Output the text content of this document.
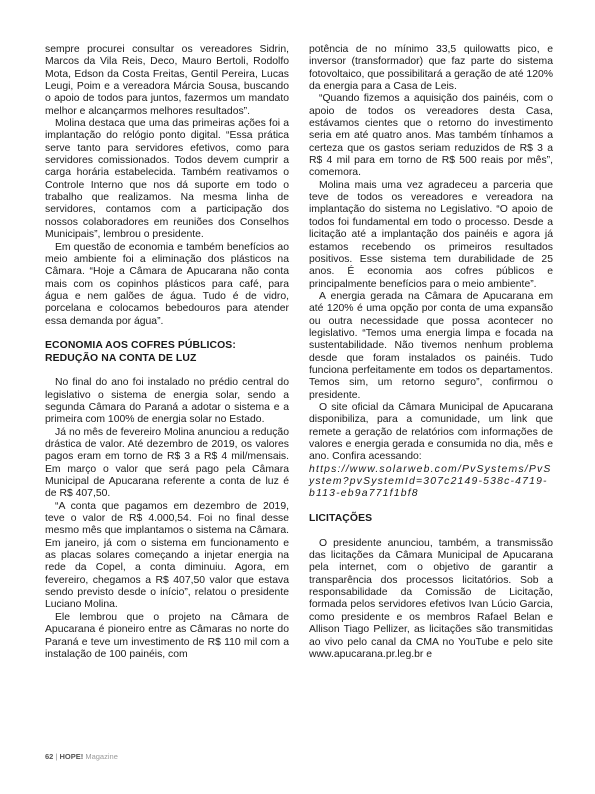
sempre procurei consultar os vereadores Sidrin, Marcos da Vila Reis, Deco, Mauro Bertoli, Rodolfo Mota, Edson da Costa Freitas, Gentil Pereira, Lucas Leugi, Poim e a vereadora Márcia Sousa, buscando o apoio de todos para juntos, fazermos um mandato melhor e alcançarmos melhores resultados”.

Molina destaca que uma das primeiras ações foi a implantação do relógio ponto digital. “Essa prática serve tanto para servidores efetivos, como para servidores comissionados. Todos devem cumprir a carga horária estabelecida. Também reativamos o Controle Interno que nos dá suporte em todo o trabalho que realizamos. Na mesma linha de servidores, contamos com a participação dos nossos colaboradores em reuniões dos Conselhos Municipais”, lembrou o presidente.

Em questão de economia e também benefícios ao meio ambiente foi a eliminação dos plásticos na Câmara. “Hoje a Câmara de Apucarana não conta mais com os copinhos plásticos para café, para água e nem galões de água. Tudo é de vidro, porcelana e colocamos bebedouros para atender essa demanda por água”.

ECONOMIA AOS COFRES PÚBLICOS: REDUÇÃO NA CONTA DE LUZ

No final do ano foi instalado no prédio central do legislativo o sistema de energia solar, sendo a segunda Câmara do Paraná a adotar o sistema e a primeira com 100% de energia solar no Estado.

Já no mês de fevereiro Molina anunciou a redução drástica de valor. Até dezembro de 2019, os valores pagos eram em torno de R$ 3 a R$ 4 mil/mensais. Em março o valor que será pago pela Câmara Municipal de Apucarana referente a conta de luz é de R$ 407,50.

“A conta que pagamos em dezembro de 2019, teve o valor de R$ 4.000,54. Foi no final desse mesmo mês que implantamos o sistema na Câmara. Em janeiro, já com o sistema em funcionamento e as placas solares começando a injetar energia na rede da Copel, a conta diminuiu. Agora, em fevereiro, chegamos a R$ 407,50 valor que estava sendo previsto desde o início”, relatou o presidente Luciano Molina.

Ele lembrou que o projeto na Câmara de Apucarana é pioneiro entre as Câmaras no norte do Paraná e teve um investimento de R$ 110 mil com a instalação de 100 painéis, com

potência de no mínimo 33,5 quilowatts pico, e inversor (transformador) que faz parte do sistema fotovoltaico, que possibilitará a geração de até 120% da energia para a Casa de Leis.

“Quando fizemos a aquisição dos painéis, com o apoio de todos os vereadores desta Casa, estávamos cientes que o retorno do investimento seria em até quatro anos. Mas também tínhamos a certeza que os gastos seriam reduzidos de R$ 3 a R$ 4 mil para em torno de R$ 500 reais por mês”, comemora.

Molina mais uma vez agradeceu a parceria que teve de todos os vereadores e vereadora na implantação do sistema no Legislativo. “O apoio de todos foi fundamental em todo o processo. Desde a licitação até a implantação dos painéis e agora já estamos recebendo os primeiros resultados positivos. Esse sistema tem durabilidade de 25 anos. É economia aos cofres públicos e principalmente benefícios para o meio ambiente”.

A energia gerada na Câmara de Apucarana em até 120% é uma opção por conta de uma expansão ou outra necessidade que possa acontecer no legislativo. “Temos uma energia limpa e focada na sustentabilidade. Não tivemos nenhum problema desde que foram instalados os painéis. Tudo funciona perfeitamente em todos os departamentos. Temos sim, um retorno seguro”, confirmou o presidente.

O site oficial da Câmara Municipal de Apucarana disponibiliza, para a comunidade, um link que remete a geração de relatórios com informações de valores e energia gerada e consumida no dia, mês e ano. Confira acessando:

https://www.solarweb.com/PvSystems/PvSystem?pvSystemId=307c2149-538c-4719-b113-eb9a771f1bf8

LICITAÇÕES

O presidente anunciou, também, a transmissão das licitações da Câmara Municipal de Apucarana pela internet, com o objetivo de garantir a transparência dos processos licitatórios. Sob a responsabilidade da Comissão de Licitação, formada pelos servidores efetivos Ivan Lúcio Garcia, como presidente e os membros Rafael Belan e Allison Tiago Pellizer, as licitações são transmitidas ao vivo pelo canal da CMA no YouTube e pelo site www.apucarana.pr.leg.br e

62 | HOPE! Magazine
